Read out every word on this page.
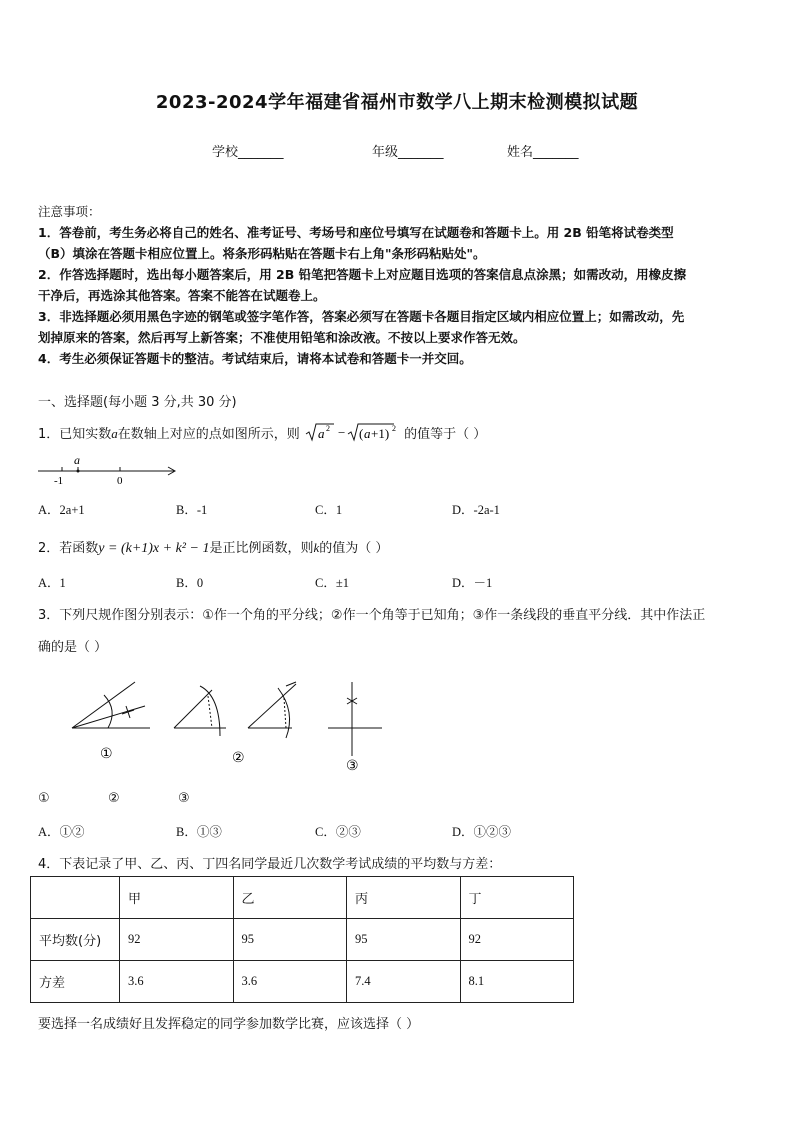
2023-2024学年福建省福州市数学八上期末检测模拟试题
学校_______	年级_______	姓名_______
注意事项：
1．答卷前，考生务必将自己的姓名、准考证号、考场号和座位号填写在试题卷和答题卡上。用 2B 铅笔将试卷类型
（B）填涂在答题卡相应位置上。将条形码粘贴在答题卡右上角"条形码粘贴处"。
2．作答选择题时，选出每小题答案后，用 2B 铅笔把答题卡上对应题目选项的答案信息点涂黑；如需改动，用橡皮擦
干净后，再选涂其他答案。答案不能答在试题卷上。
3．非选择题必须用黑色字迹的钢笔或签字笔作答，答案必须写在答题卡各题目指定区域内相应位置上；如需改动，先
划掉原来的答案，然后再写上新答案；不准使用铅笔和涂改液。不按以上要求作答无效。
4．考生必须保证答题卡的整洁。考试结束后，请将本试卷和答题卡一并交回。
一、选择题(每小题 3 分,共 30 分)
1．已知实数a在数轴上对应的点如图所示，则 a 2 − ( a +1) 2 的值等于（ ）
a
-1	0
A．2a+1	B．-1	C．1	D．-2a-1
2．若函数y = (k+1)x + k² − 1是正比例函数，则k的值为（ ）
A．1	B．0	C．±1	D．－1
3．下列尺规作图分别表示：①作一个角的平分线；②作一个角等于已知角；③作一条线段的垂直平分线．其中作法正
确的是（ ）
①	②	③
①	②	③
A．①②	B．①③	C．②③	D．①②③
4．下表记录了甲、乙、丙、丁四名同学最近几次数学考试成绩的平均数与方差：
	甲	乙	丙	丁
平均数(分)	92	95	95	92
方差	3.6	3.6	7.4	8.1
要选择一名成绩好且发挥稳定的同学参加数学比赛，应该选择（ ）
